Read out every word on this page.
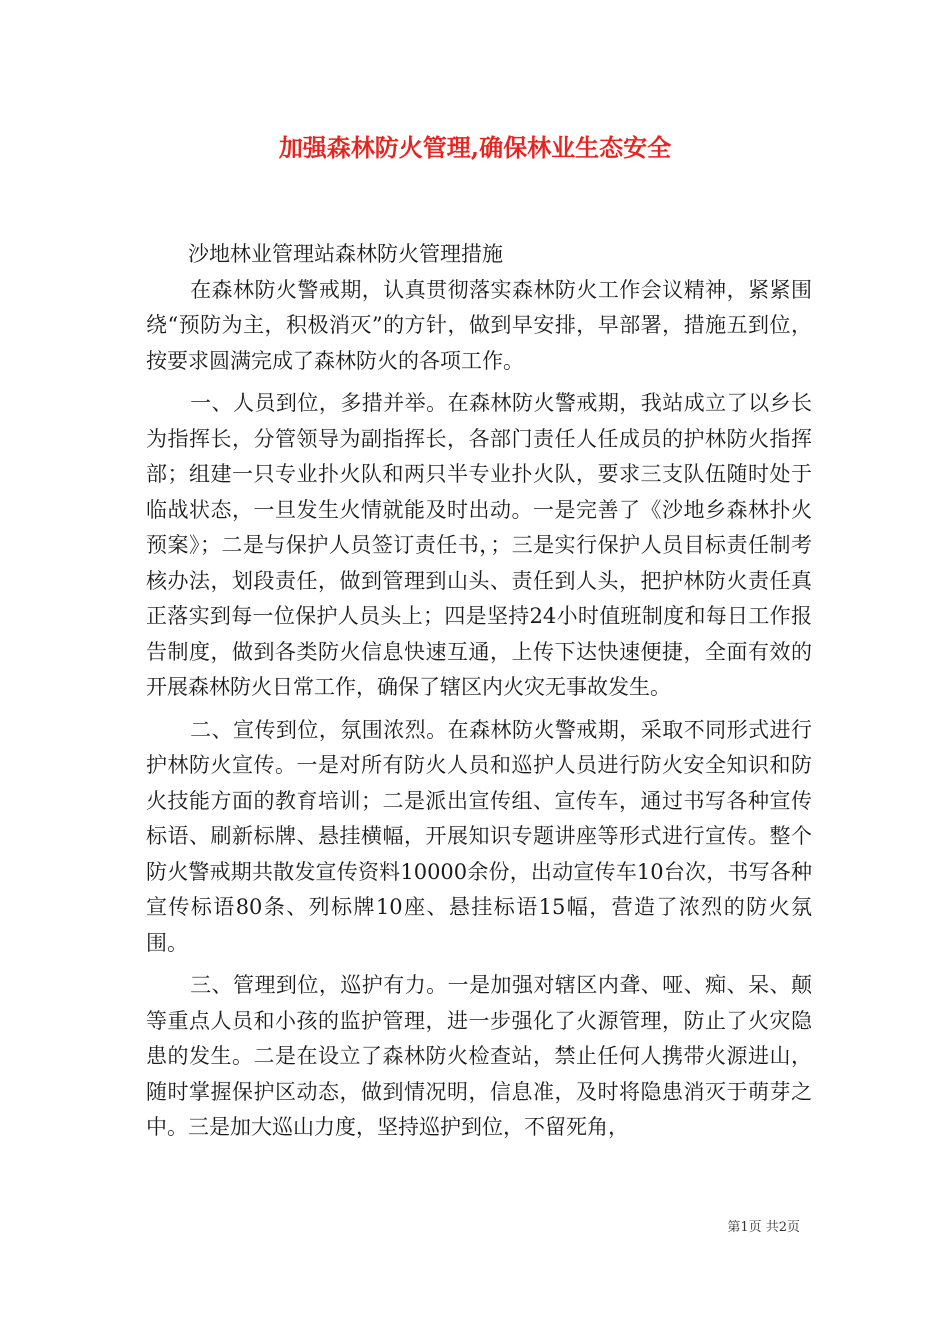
加强森林防火管理,确保林业生态安全

沙地林业管理站森林防火管理措施

在森林防火警戒期，认真贯彻落实森林防火工作会议精神，紧紧围绕“预防为主，积极消灭”的方针，做到早安排，早部署，措施五到位，按要求圆满完成了森林防火的各项工作。

一、人员到位，多措并举。在森林防火警戒期，我站成立了以乡长为指挥长，分管领导为副指挥长，各部门责任人任成员的护林防火指挥部；组建一只专业扑火队和两只半专业扑火队，要求三支队伍随时处于临战状态，一旦发生火情就能及时出动。一是完善了《沙地乡森林扑火预案》；二是与保护人员签订责任书，；三是实行保护人员目标责任制考核办法，划段责任，做到管理到山头、责任到人头，把护林防火责任真正落实到每一位保护人员头上；四是坚持24小时值班制度和每日工作报告制度，做到各类防火信息快速互通，上传下达快速便捷，全面有效的开展森林防火日常工作，确保了辖区内火灾无事故发生。

二、宣传到位，氛围浓烈。在森林防火警戒期，采取不同形式进行护林防火宣传。一是对所有防火人员和巡护人员进行防火安全知识和防火技能方面的教育培训；二是派出宣传组、宣传车，通过书写各种宣传标语、刷新标牌、悬挂横幅，开展知识专题讲座等形式进行宣传。整个防火警戒期共散发宣传资料10000余份，出动宣传车10台次，书写各种宣传标语80条、列标牌10座、悬挂标语15幅，营造了浓烈的防火氛围。

三、管理到位，巡护有力。一是加强对辖区内聋、哑、痴、呆、颠等重点人员和小孩的监护管理，进一步强化了火源管理，防止了火灾隐患的发生。二是在设立了森林防火检查站，禁止任何人携带火源进山，随时掌握保护区动态，做到情况明，信息准，及时将隐患消灭于萌芽之中。三是加大巡山力度，坚持巡护到位，不留死角，

第1页 共2页
